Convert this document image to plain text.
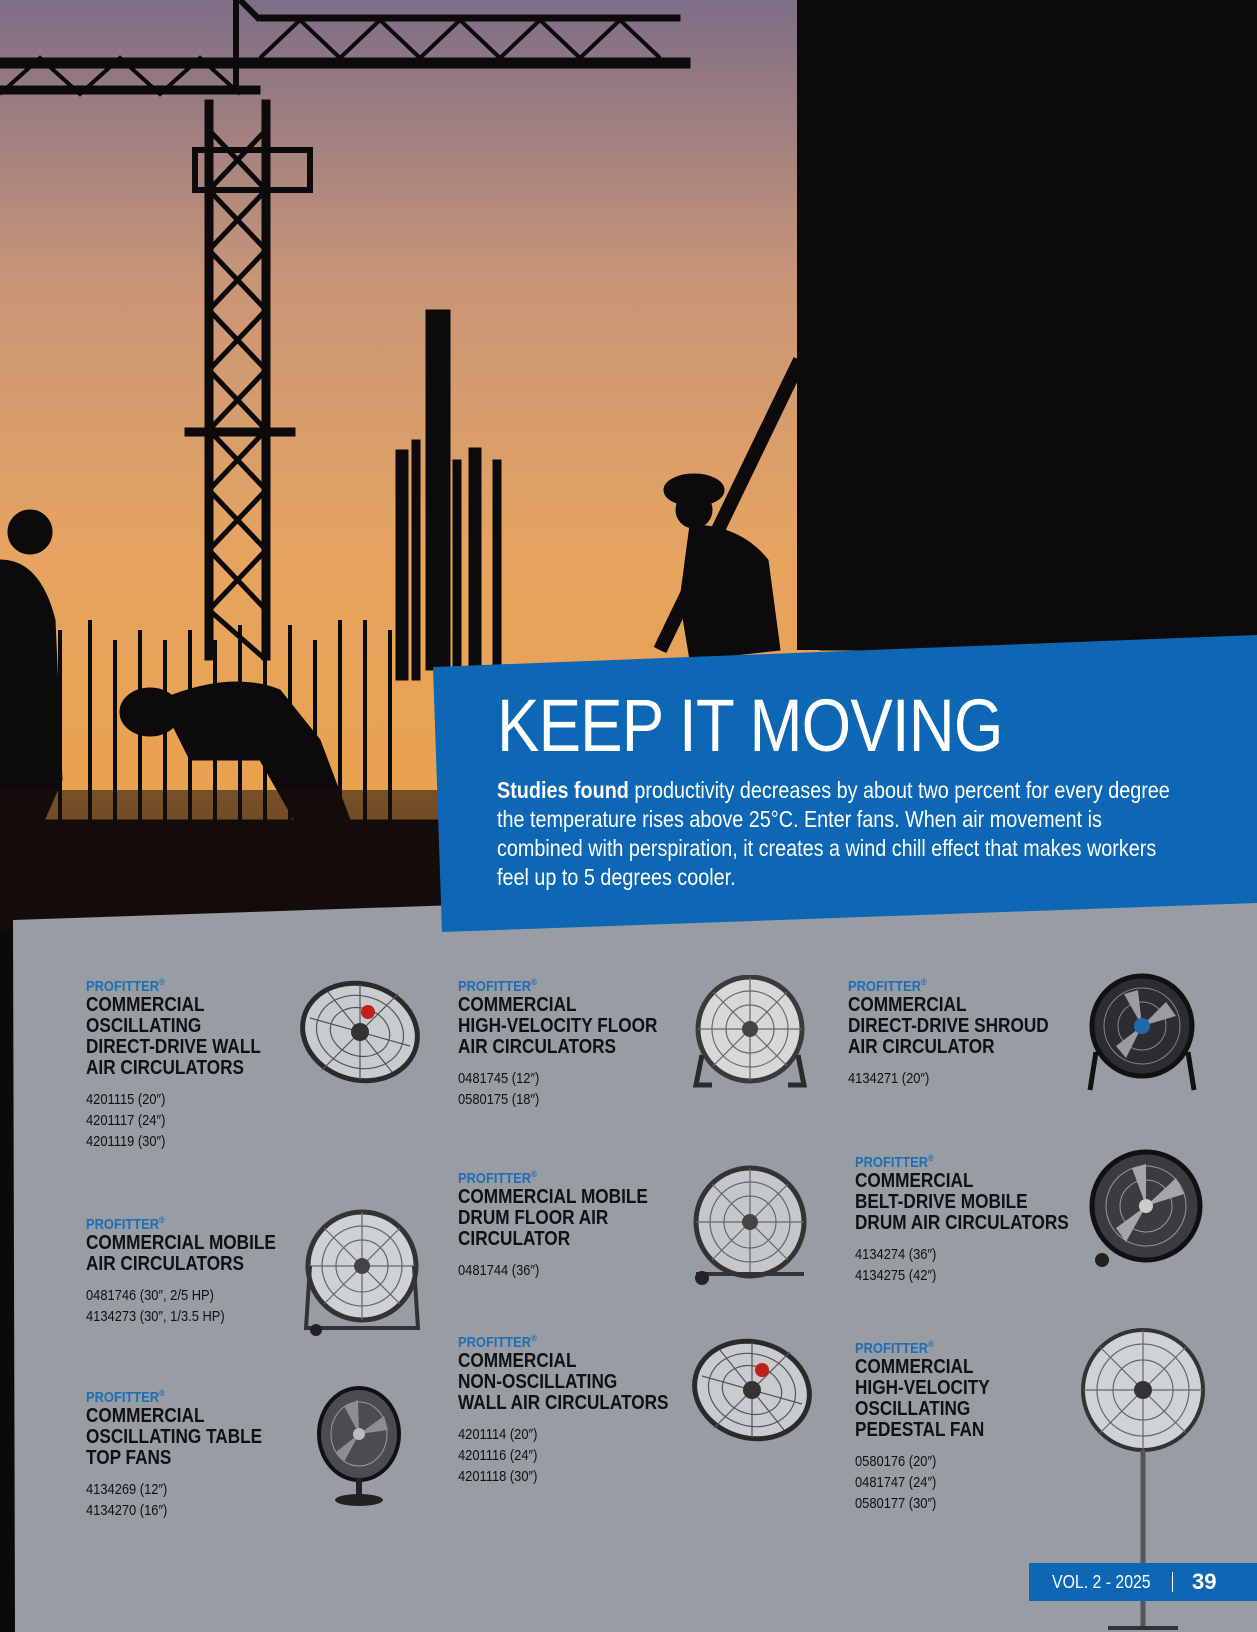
KEEP IT MOVING
Studies found productivity decreases by about two percent for every degree the temperature rises above 25°C. Enter fans. When air movement is combined with perspiration, it creates a wind chill effect that makes workers feel up to 5 degrees cooler.
PROFITTER®
COMMERCIAL
OSCILLATING
DIRECT-DRIVE WALL
AIR CIRCULATORS
4201115 (20″)
4201117 (24″)
4201119 (30″)
PROFITTER®
COMMERCIAL
HIGH-VELOCITY FLOOR
AIR CIRCULATORS
0481745 (12″)
0580175 (18″)
PROFITTER®
COMMERCIAL
DIRECT-DRIVE SHROUD
AIR CIRCULATOR
4134271 (20″)
PROFITTER®
COMMERCIAL MOBILE
AIR CIRCULATORS
0481746 (30″, 2/5 HP)
4134273 (30″, 1/3.5 HP)
PROFITTER®
COMMERCIAL MOBILE
DRUM FLOOR AIR
CIRCULATOR
0481744 (36″)
PROFITTER®
COMMERCIAL
BELT-DRIVE MOBILE
DRUM AIR CIRCULATORS
4134274 (36″)
4134275 (42″)
PROFITTER®
COMMERCIAL
OSCILLATING TABLE
TOP FANS
4134269 (12″)
4134270 (16″)
PROFITTER®
COMMERCIAL
NON-OSCILLATING
WALL AIR CIRCULATORS
4201114 (20″)
4201116 (24″)
4201118 (30″)
PROFITTER®
COMMERCIAL
HIGH-VELOCITY
OSCILLATING
PEDESTAL FAN
0580176 (20″)
0481747 (24″)
0580177 (30″)
VOL. 2 - 2025 39
